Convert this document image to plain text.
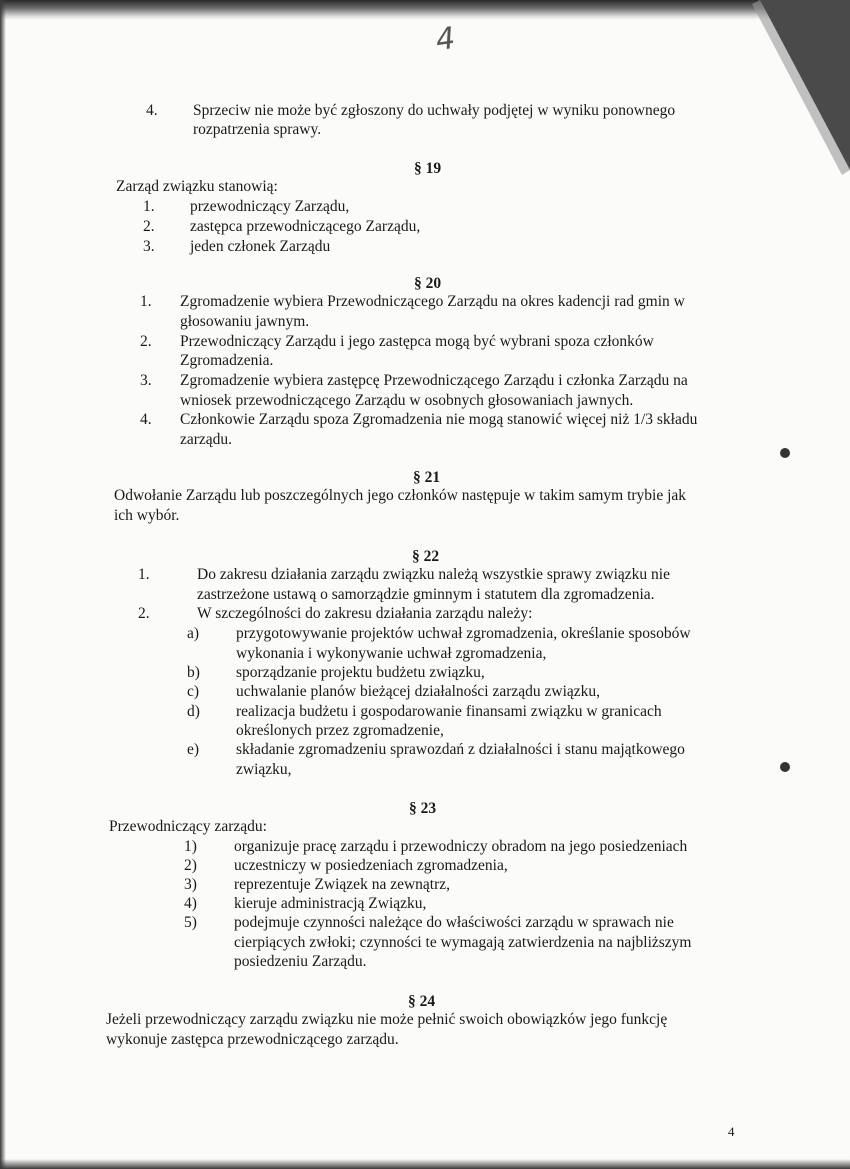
4
4. Sprzeciw nie może być zgłoszony do uchwały podjętej w wyniku ponownego
rozpatrzenia sprawy.
Zarząd związku stanowią:
1. przewodniczący Zarządu,
2. zastępca przewodniczącego Zarządu,
3. jeden członek Zarządu
1. Zgromadzenie wybiera Przewodniczącego Zarządu na okres kadencji rad gmin w
głosowaniu jawnym.
2. Przewodniczący Zarządu i jego zastępca mogą być wybrani spoza członków
Zgromadzenia.
3. Zgromadzenie wybiera zastępcę Przewodniczącego Zarządu i członka Zarządu na
wniosek przewodniczącego Zarządu w osobnych głosowaniach jawnych.
4. Członkowie Zarządu spoza Zgromadzenia nie mogą stanowić więcej niż 1/3 składu
zarządu.
Odwołanie Zarządu lub poszczególnych jego członków następuje w takim samym trybie jak
ich wybór.
1.	Do zakresu działania zarządu związku należą wszystkie sprawy związku nie
zastrzeżone ustawą o samorządzie gminnym i statutem dla zgromadzenia.
2.	W szczególności do zakresu działania zarządu należy:
a) przygotowywanie projektów uchwał zgromadzenia, określanie sposobów
wykonania i wykonywanie uchwał zgromadzenia,
b) sporządzanie projektu budżetu związku,
c) uchwalanie planów bieżącej działalności zarządu związku,
d) realizacja budżetu i gospodarowanie finansami związku w granicach
określonych przez zgromadzenie,
e) składanie zgromadzeniu sprawozdań z działalności i stanu majątkowego
związku,
Przewodniczący zarządu:
1) organizuje pracę zarządu i przewodniczy obradom na jego posiedzeniach
2) uczestniczy w posiedzeniach zgromadzenia,
3) reprezentuje Związek na zewnątrz,
4) kieruje administracją Związku,
5) podejmuje czynności należące do właściwości zarządu w sprawach nie
cierpiących zwłoki; czynności te wymagają zatwierdzenia na najbliższym
posiedzeniu Zarządu.
Jeżeli przewodniczący zarządu związku nie może pełnić swoich obowiązków jego funkcję
wykonuje zastępca przewodniczącego zarządu.
§ 19
§ 20
§ 21
§ 22
§ 23
§ 24
4
